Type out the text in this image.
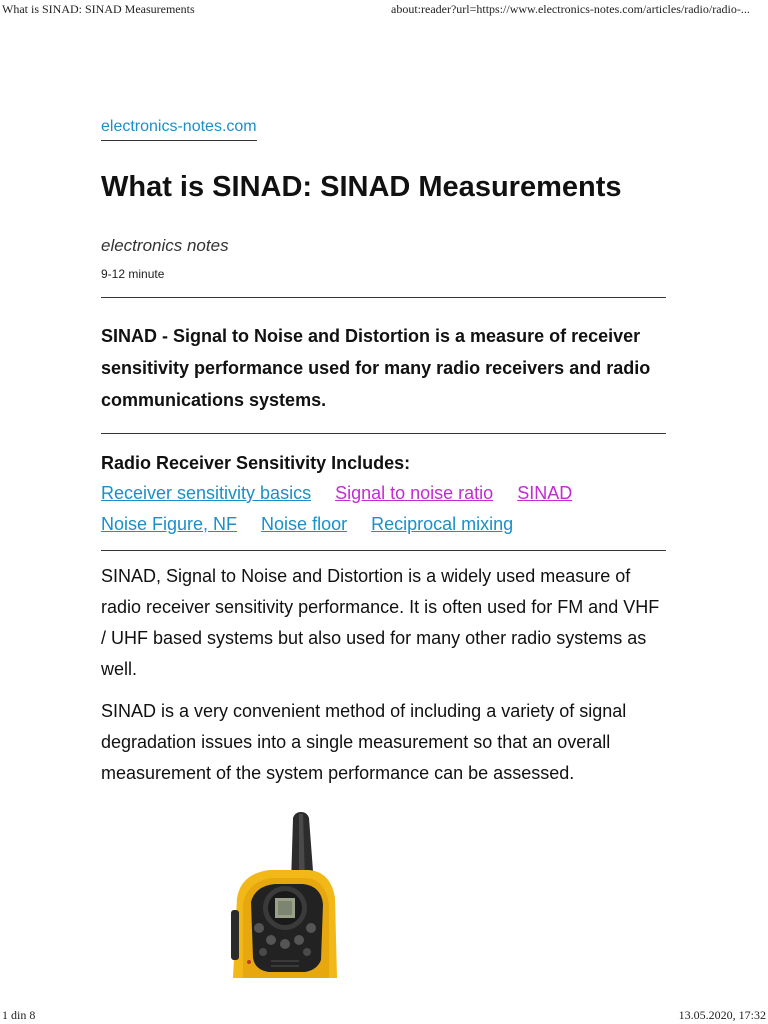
What is SINAD: SINAD Measurements	about:reader?url=https://www.electronics-notes.com/articles/radio/radio-...
electronics-notes.com
What is SINAD: SINAD Measurements
electronics notes
9-12 minute

SINAD - Signal to Noise and Distortion is a measure of receiver sensitivity performance used for many radio receivers and radio communications systems.

Radio Receiver Sensitivity Includes:
Receiver sensitivity basics Signal to noise ratio SINAD
Noise Figure, NF Noise floor Reciprocal mixing

SINAD, Signal to Noise and Distortion is a widely used measure of radio receiver sensitivity performance. It is often used for FM and VHF / UHF based systems but also used for many other radio systems as well.

SINAD is a very convenient method of including a variety of signal degradation issues into a single measurement so that an overall measurement of the system performance can be assessed.

1 din 8	13.05.2020, 17:32
